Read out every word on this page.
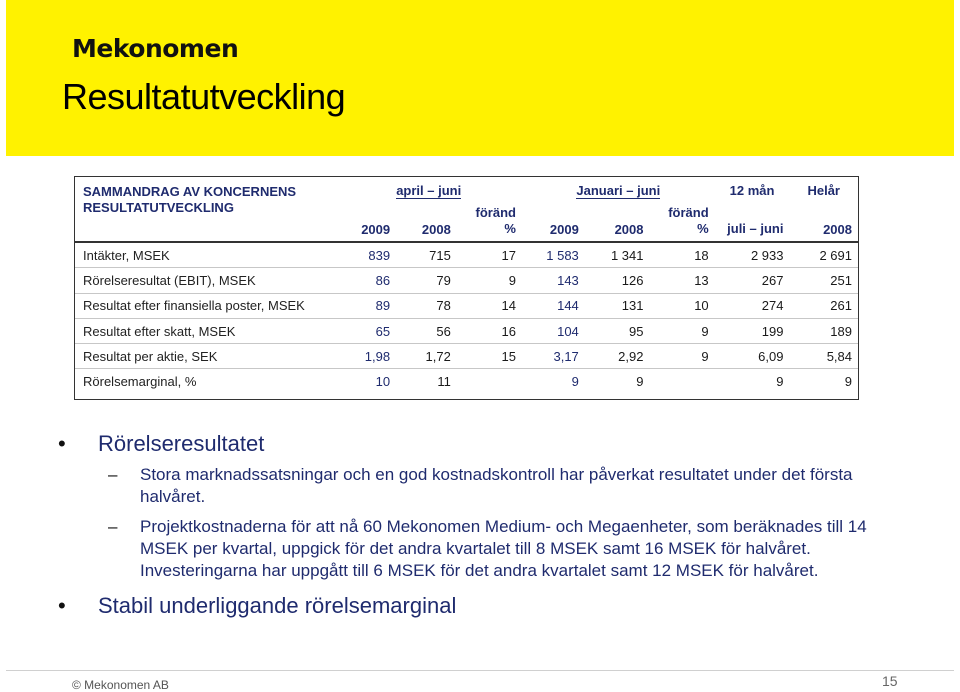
Mekonomen
Resultatutveckling
SAMMANDRAG AV KONCERNENS RESULTATUTVECKLING	april – juni			Januari – juni			12 mån	Helår
	2009	2008	föränd %	2009	2008	föränd %	juli – juni	2008
Intäkter, MSEK	839	715	17	1 583	1 341	18	2 933	2 691
Rörelseresultat (EBIT), MSEK	86	79	9	143	126	13	267	251
Resultat efter finansiella poster, MSEK	89	78	14	144	131	10	274	261
Resultat efter skatt, MSEK	65	56	16	104	95	9	199	189
Resultat per aktie, SEK	1,98	1,72	15	3,17	2,92	9	6,09	5,84
Rörelsemarginal, %	10	11		9	9		9	9

• Rörelseresultatet

– Stora marknadssatsningar och en god kostnadskontroll har påverkat resultatet under det första halvåret.

– Projektkostnaderna för att nå 60 Mekonomen Medium- och Megaenheter, som beräknades till 14 MSEK per kvartal, uppgick för det andra kvartalet till 8 MSEK samt 16 MSEK för halvåret. Investeringarna har uppgått till 6 MSEK för det andra kvartalet samt 12 MSEK för halvåret.

• Stabil underliggande rörelsemarginal

© Mekonomen AB	15
